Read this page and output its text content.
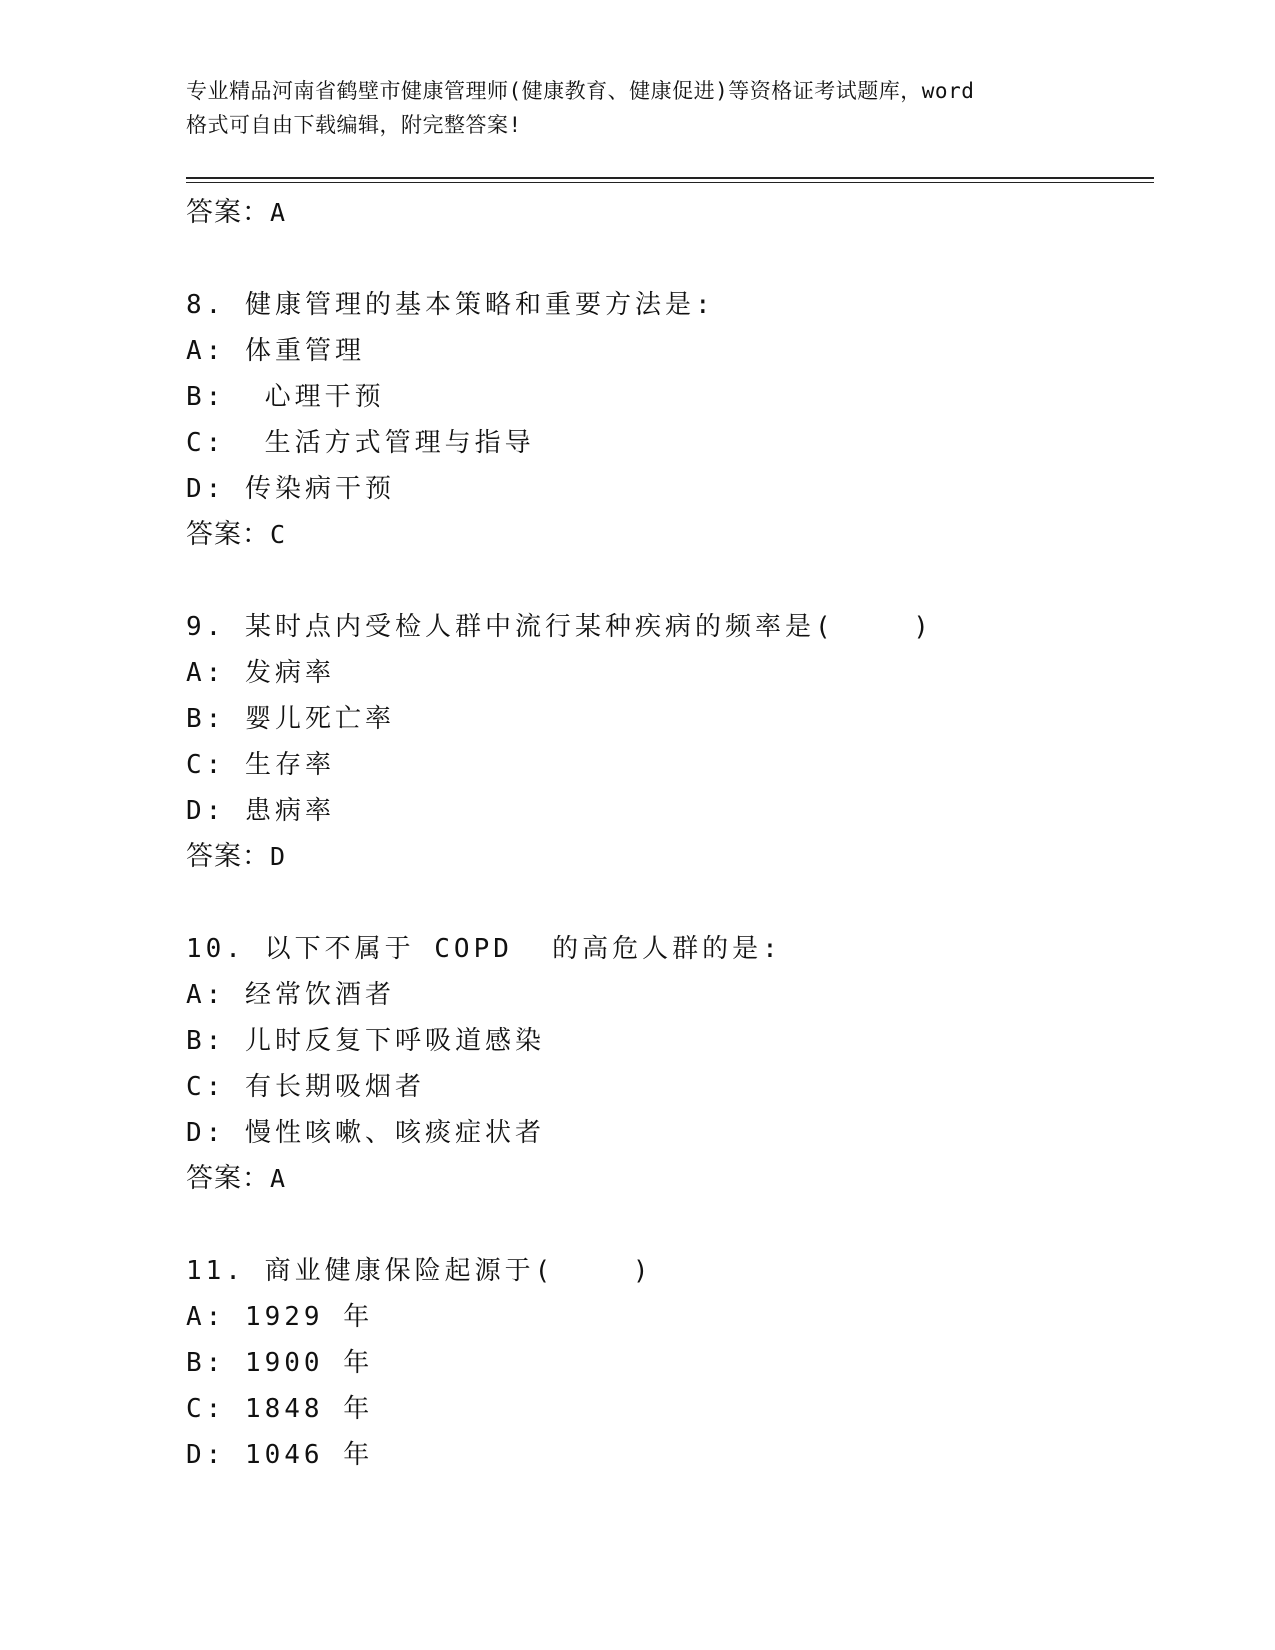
专业精品河南省鹤壁市健康管理师(健康教育、健康促进)等资格证考试题库，word
格式可自由下载编辑，附完整答案!
答案：A
8. 健康管理的基本策略和重要方法是:
A: 体重管理
B:  心理干预
C:  生活方式管理与指导
D: 传染病干预
答案：C
9. 某时点内受检人群中流行某种疾病的频率是(    )
A: 发病率
B: 婴儿死亡率
C: 生存率
D: 患病率
答案：D
10. 以下不属于 COPD  的高危人群的是:
A: 经常饮酒者
B: 儿时反复下呼吸道感染
C: 有长期吸烟者
D: 慢性咳嗽、咳痰症状者
答案：A
11. 商业健康保险起源于(    )
A: 1929 年
B: 1900 年
C: 1848 年
D: 1046 年
